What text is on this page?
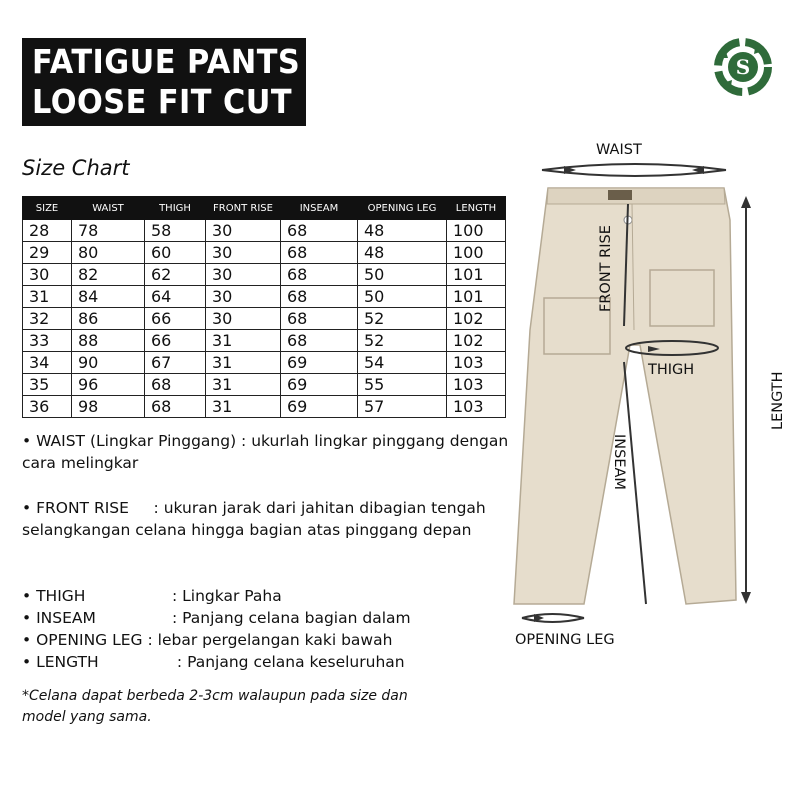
FATIGUE PANTS
LOOSE FIT CUT
S
Size Chart
SIZE	WAIST	THIGH	FRONT RISE	INSEAM	OPENING LEG	LENGTH
28	78	58	30	68	48	100
29	80	60	30	68	48	100
30	82	62	30	68	50	101
31	84	64	30	68	50	101
32	86	66	30	68	52	102
33	88	66	31	68	52	102
34	90	67	31	69	54	103
35	96	68	31	69	55	103
36	98	68	31	69	57	103
• WAIST (Lingkar Pinggang) : ukurlah lingkar pinggang dengan cara melingkar
• FRONT RISE     : ukuran jarak dari jahitan dibagian tengah selangkangan celana hingga bagian atas pinggang depan
• THIGH	: Lingkar Paha
• INSEAM	: Panjang celana bagian dalam
• OPENING LEG : lebar pergelangan kaki bawah
• LENGTH	: Panjang celana keseluruhan
*Celana dapat berbeda 2-3cm walaupun pada size dan model yang sama.
WAIST
THIGH
OPENING LEG
FRONT RISE
LENGTH
INSEAM
